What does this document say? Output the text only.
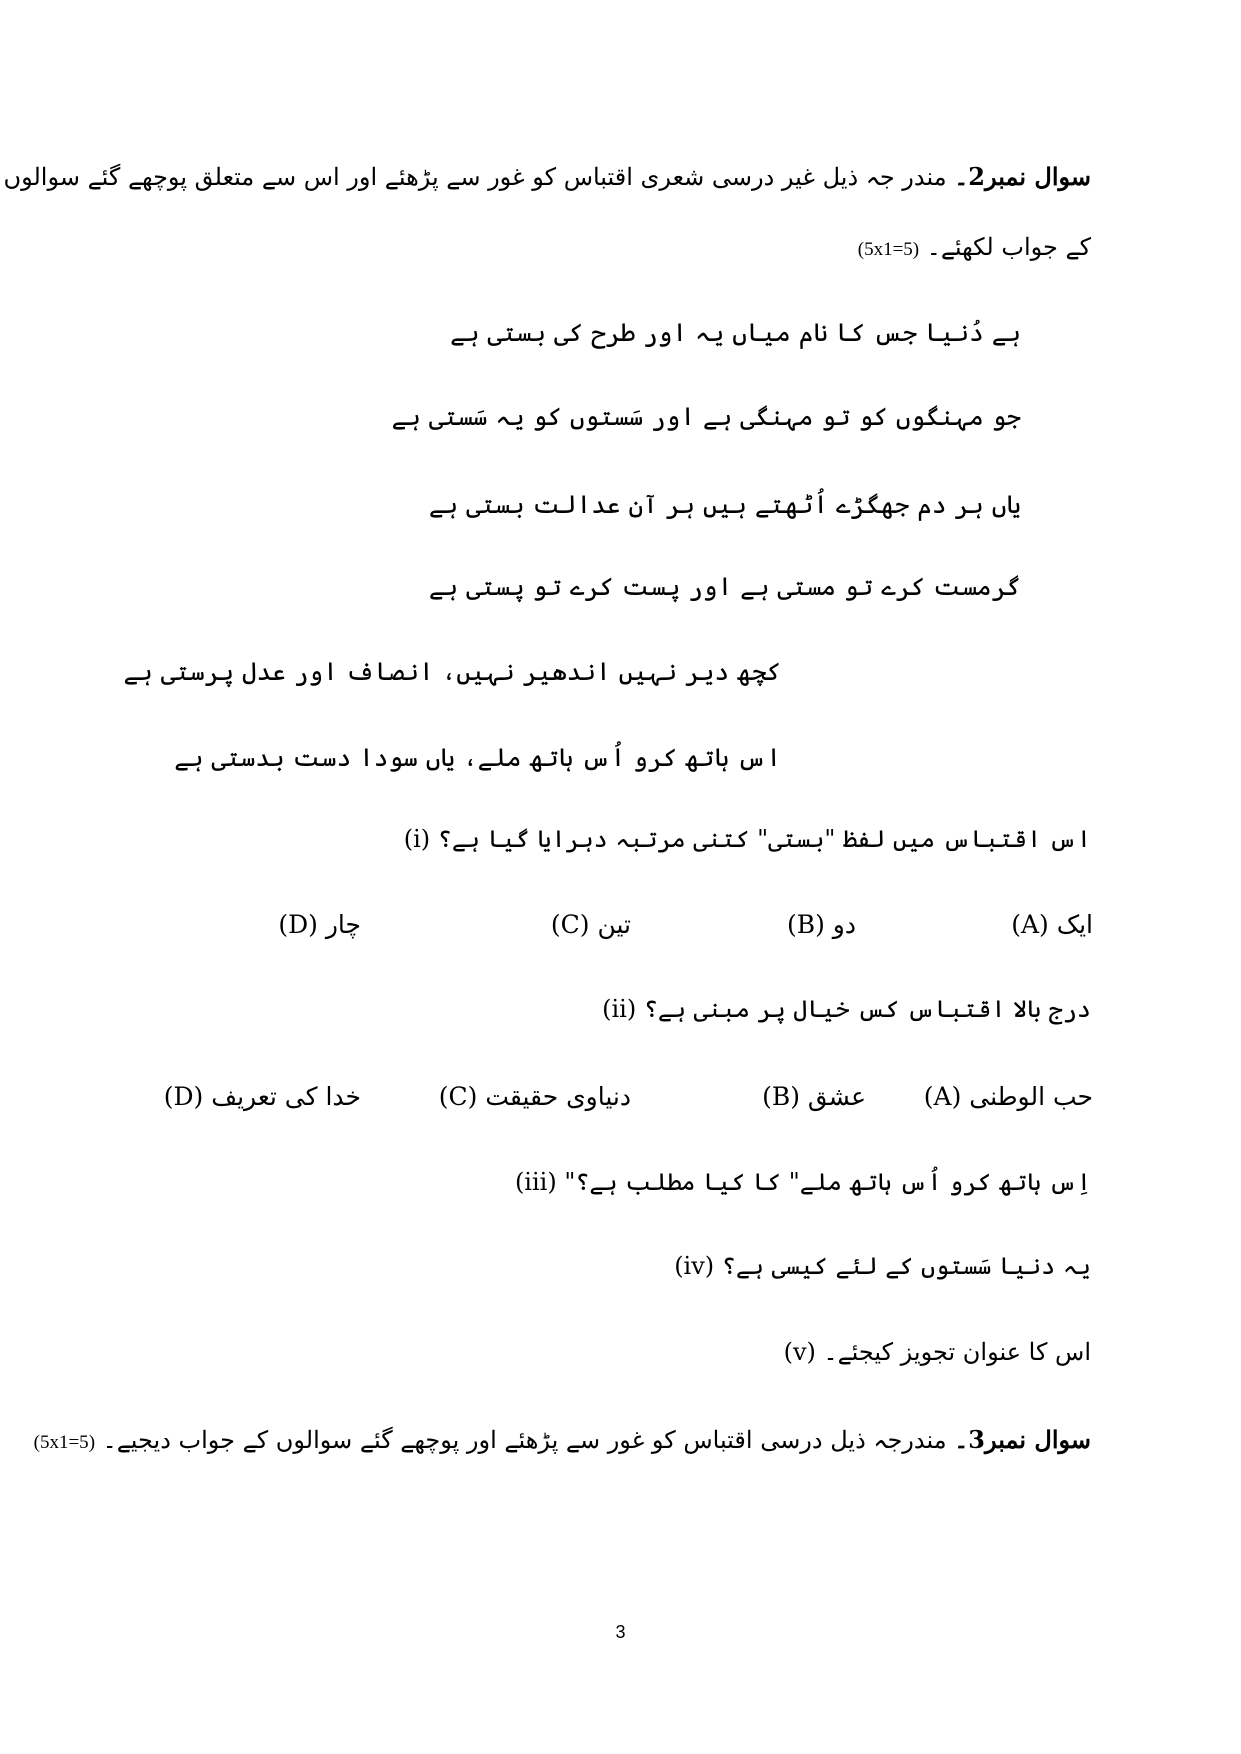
سوال نمبر2۔ مندر جہ ذیل غیر درسی شعری اقتباس کو غور سے پڑھئے اور اس سے متعلق پوچھے گئے سوالوں
کے جواب لکھئے۔ (5x1=5)
ہے دُنیا جس کا نام میاں یہ اور طرح کی بستی ہے
جو مہنگوں کو تو مہنگی ہے اور سَستوں کو یہ سَستی ہے
یاں ہر دم جھگڑے اُٹھتے ہیں ہر آن عدالت بستی ہے
گرمست کرے تو مستی ہے اور پست کرے تو پستی ہے
کچھ دیر نہیں اندھیر نہیں، انصاف اور عدل پرستی ہے
اس ہاتھ کرو اُس ہاتھ ملے، یاں سودا دست بدستی ہے
(i) اس اقتباس میں لفظ "بستی" کتنی مرتبہ دہرایا گیا ہے؟
(A) ایک
(B) دو
(C) تین
(D) چار
(ii) درج بالا اقتباس کس خیال پر مبنی ہے؟
(A) حب الوطنی
(B) عشق
(C) دنیاوی حقیقت
(D) خدا کی تعریف
(iii) "اِس ہاتھ کرو اُس ہاتھ ملے" کا کیا مطلب ہے؟
(iv) یہ دنیا سَستوں کے لئے کیسی ہے؟
(v) اس کا عنوان تجویز کیجئے۔
سوال نمبر3۔ مندرجہ ذیل درسی اقتباس کو غور سے پڑھئے اور پوچھے گئے سوالوں کے جواب دیجیے۔ (5x1=5)
3
